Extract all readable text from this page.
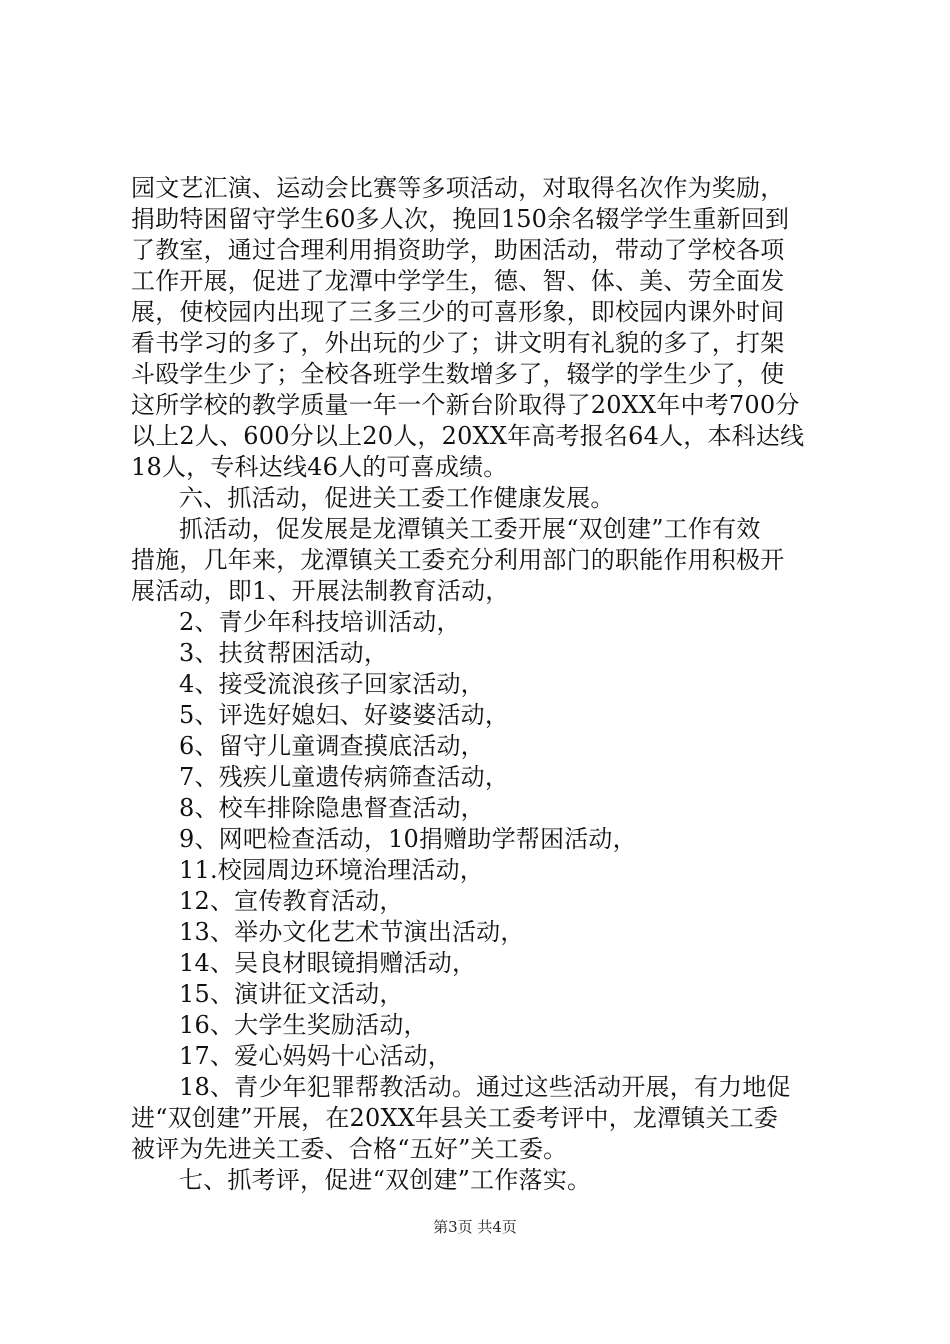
园文艺汇演、运动会比赛等多项活动，对取得名次作为奖励，
捐助特困留守学生60多人次，挽回150余名辍学学生重新回到
了教室，通过合理利用捐资助学，助困活动，带动了学校各项
工作开展，促进了龙潭中学学生，德、智、体、美、劳全面发
展，使校园内出现了三多三少的可喜形象，即校园内课外时间
看书学习的多了，外出玩的少了；讲文明有礼貌的多了，打架
斗殴学生少了；全校各班学生数增多了，辍学的学生少了，使
这所学校的教学质量一年一个新台阶取得了20XX年中考700分
以上2人、600分以上20人，20XX年高考报名64人，本科达线
18人，专科达线46人的可喜成绩。
六、抓活动，促进关工委工作健康发展。
抓活动，促发展是龙潭镇关工委开展“双创建”工作有效
措施，几年来，龙潭镇关工委充分利用部门的职能作用积极开
展活动，即1、开展法制教育活动，
2、青少年科技培训活动，
3、扶贫帮困活动，
4、接受流浪孩子回家活动，
5、评选好媳妇、好婆婆活动，
6、留守儿童调查摸底活动，
7、残疾儿童遗传病筛查活动，
8、校车排除隐患督查活动，
9、网吧检查活动，10捐赠助学帮困活动，
11.校园周边环境治理活动，
12、宣传教育活动，
13、举办文化艺术节演出活动，
14、吴良材眼镜捐赠活动，
15、演讲征文活动，
16、大学生奖励活动，
17、爱心妈妈十心活动，
18、青少年犯罪帮教活动。通过这些活动开展，有力地促
进“双创建”开展，在20XX年县关工委考评中，龙潭镇关工委
被评为先进关工委、合格“五好”关工委。
七、抓考评，促进“双创建”工作落实。
第3页 共4页
